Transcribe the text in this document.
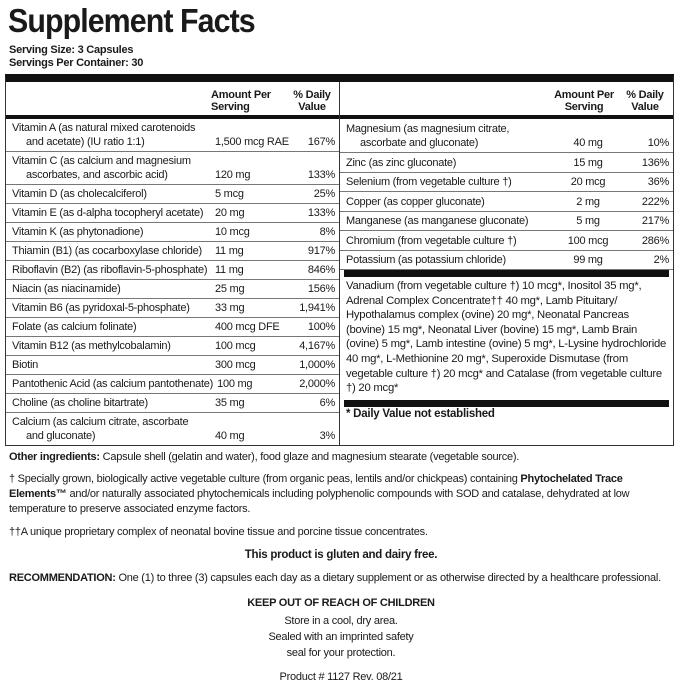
Supplement Facts
Serving Size: 3 Capsules
Servings Per Container: 30
Amount Per Serving
% Daily Value
Vitamin A (as natural mixed carotenoids
and acetate) (IU ratio 1:1)	1,500 mcg RAE	167%
Vitamin C (as calcium and magnesium
ascorbates, and ascorbic acid)	120 mg	133%
Vitamin D (as cholecalciferol)	5 mcg	25%
Vitamin E (as d-alpha tocopheryl acetate)	20 mg	133%
Vitamin K (as phytonadione)	10 mcg	8%
Thiamin (B1) (as cocarboxylase chloride)	11 mg	917%
Riboflavin (B2) (as riboflavin-5-phosphate) 11 mg	846%
Niacin (as niacinamide)	25 mg	156%
Vitamin B6 (as pyridoxal-5-phosphate)	33 mg	1,941%
Folate (as calcium folinate)	400 mcg DFE	100%
Vitamin B12 (as methylcobalamin)	100 mcg	4,167%
Biotin	300 mcg	1,000%
Pantothenic Acid (as calcium pantothenate) 100 mg	2,000%
Choline (as choline bitartrate)	35 mg	6%
Calcium (as calcium citrate, ascorbate
and gluconate)	40 mg	3%
Amount Per Serving
% Daily Value
Magnesium (as magnesium citrate,
ascorbate and gluconate)	40 mg	10%
Zinc (as zinc gluconate)	15 mg	136%
Selenium (from vegetable culture †)	20 mcg	36%
Copper (as copper gluconate)	2 mg	222%
Manganese (as manganese gluconate)	5 mg	217%
Chromium (from vegetable culture †)	100 mcg	286%
Potassium (as potassium chloride)	99 mg	2%
Vanadium (from vegetable culture †) 10 mcg*, Inositol 35 mg*, Adrenal Complex Concentrate†† 40 mg*, Lamb Pituitary/ Hypothalamus complex (ovine) 20 mg*, Neonatal Pancreas (bovine) 15 mg*, Neonatal Liver (bovine) 15 mg*, Lamb Brain (ovine) 5 mg*, Lamb intestine (ovine) 5 mg*, L-Lysine hydrochloride 40 mg*, L-Methionine 20 mg*, Superoxide Dismutase (from vegetable culture †) 20 mcg* and Catalase (from vegetable culture †) 20 mcg*
* Daily Value not established
Other ingredients: Capsule shell (gelatin and water), food glaze and magnesium stearate (vegetable source).
† Specially grown, biologically active vegetable culture (from organic peas, lentils and/or chickpeas) containing Phytochelated Trace Elements™ and/or naturally associated phytochemicals including polyphenolic compounds with SOD and catalase, dehydrated at low temperature to preserve associated enzyme factors.
††A unique proprietary complex of neonatal bovine tissue and porcine tissue concentrates.
This product is gluten and dairy free.
RECOMMENDATION: One (1) to three (3) capsules each day as a dietary supplement or as otherwise directed by a healthcare professional.
KEEP OUT OF REACH OF CHILDREN
Store in a cool, dry area.
Sealed with an imprinted safety
seal for your protection.
Product # 1127 Rev. 08/21
